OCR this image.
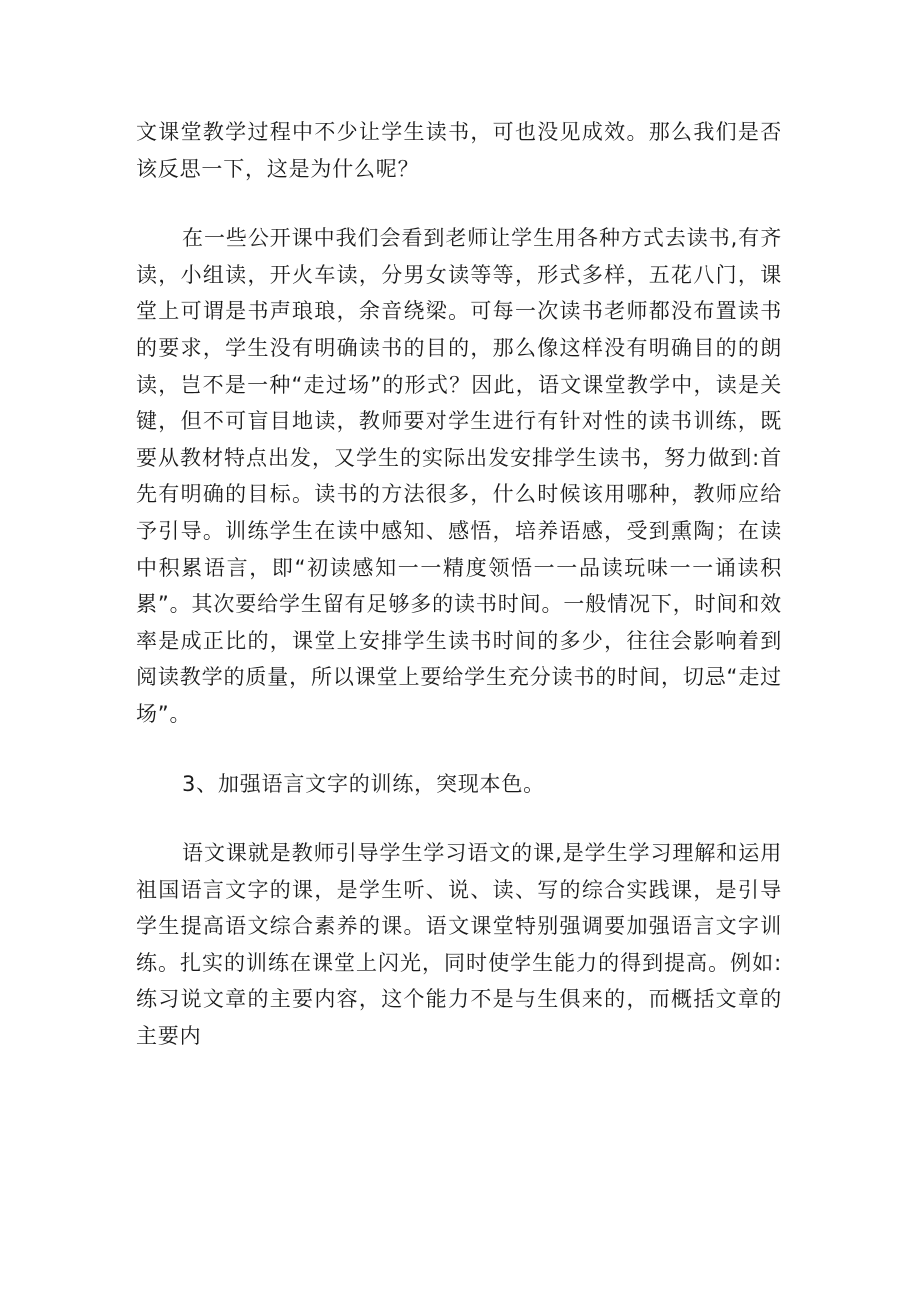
文课堂教学过程中不少让学生读书，可也没见成效。那么我们是否该反思一下，这是为什么呢？

在一些公开课中我们会看到老师让学生用各种方式去读书,有齐读，小组读，开火车读，分男女读等等，形式多样，五花八门，课堂上可谓是书声琅琅，余音绕梁。可每一次读书老师都没布置读书的要求，学生没有明确读书的目的，那么像这样没有明确目的的朗读，岂不是一种“走过场”的形式？因此，语文课堂教学中，读是关键，但不可盲目地读，教师要对学生进行有针对性的读书训练，既要从教材特点出发，又学生的实际出发安排学生读书，努力做到:首先有明确的目标。读书的方法很多，什么时候该用哪种，教师应给予引导。训练学生在读中感知、感悟，培养语感，受到熏陶；在读中积累语言，即“初读感知一一精度领悟一一品读玩味一一诵读积累”。其次要给学生留有足够多的读书时间。一般情况下，时间和效率是成正比的，课堂上安排学生读书时间的多少，往往会影响着到阅读教学的质量，所以课堂上要给学生充分读书的时间，切忌“走过场”。

3、加强语言文字的训练，突现本色。

语文课就是教师引导学生学习语文的课,是学生学习理解和运用祖国语言文字的课，是学生听、说、读、写的综合实践课，是引导学生提高语文综合素养的课。语文课堂特别强调要加强语言文字训练。扎实的训练在课堂上闪光，同时使学生能力的得到提高。例如:练习说文章的主要内容，这个能力不是与生俱来的，而概括文章的主要内
